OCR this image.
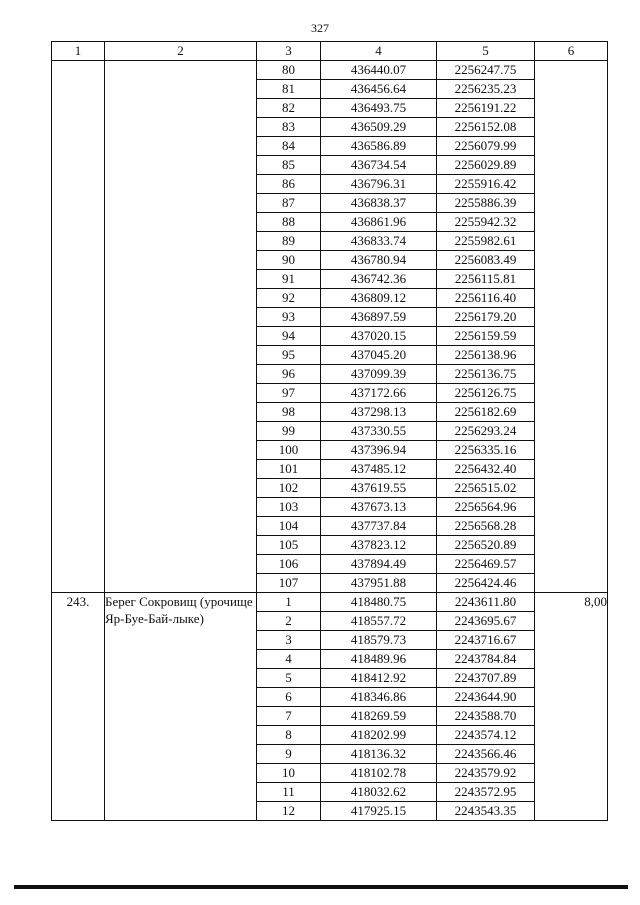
327
1	2	3	4	5	6
		80	436440.07	2256247.75	
		81	436456.64	2256235.23	
		82	436493.75	2256191.22	
		83	436509.29	2256152.08	
		84	436586.89	2256079.99	
		85	436734.54	2256029.89	
		86	436796.31	2255916.42	
		87	436838.37	2255886.39	
		88	436861.96	2255942.32	
		89	436833.74	2255982.61	
		90	436780.94	2256083.49	
		91	436742.36	2256115.81	
		92	436809.12	2256116.40	
		93	436897.59	2256179.20	
		94	437020.15	2256159.59	
		95	437045.20	2256138.96	
		96	437099.39	2256136.75	
		97	437172.66	2256126.75	
		98	437298.13	2256182.69	
		99	437330.55	2256293.24	
		100	437396.94	2256335.16	
		101	437485.12	2256432.40	
		102	437619.55	2256515.02	
		103	437673.13	2256564.96	
		104	437737.84	2256568.28	
		105	437823.12	2256520.89	
		106	437894.49	2256469.57	
		107	437951.88	2256424.46	
243.	Берег Сокровищ (урочище Яр-Буе-Бай-лыке)	1	418480.75	2243611.80	8,00
		2	418557.72	2243695.67	
		3	418579.73	2243716.67	
		4	418489.96	2243784.84	
		5	418412.92	2243707.89	
		6	418346.86	2243644.90	
		7	418269.59	2243588.70	
		8	418202.99	2243574.12	
		9	418136.32	2243566.46	
		10	418102.78	2243579.92	
		11	418032.62	2243572.95	
		12	417925.15	2243543.35	
